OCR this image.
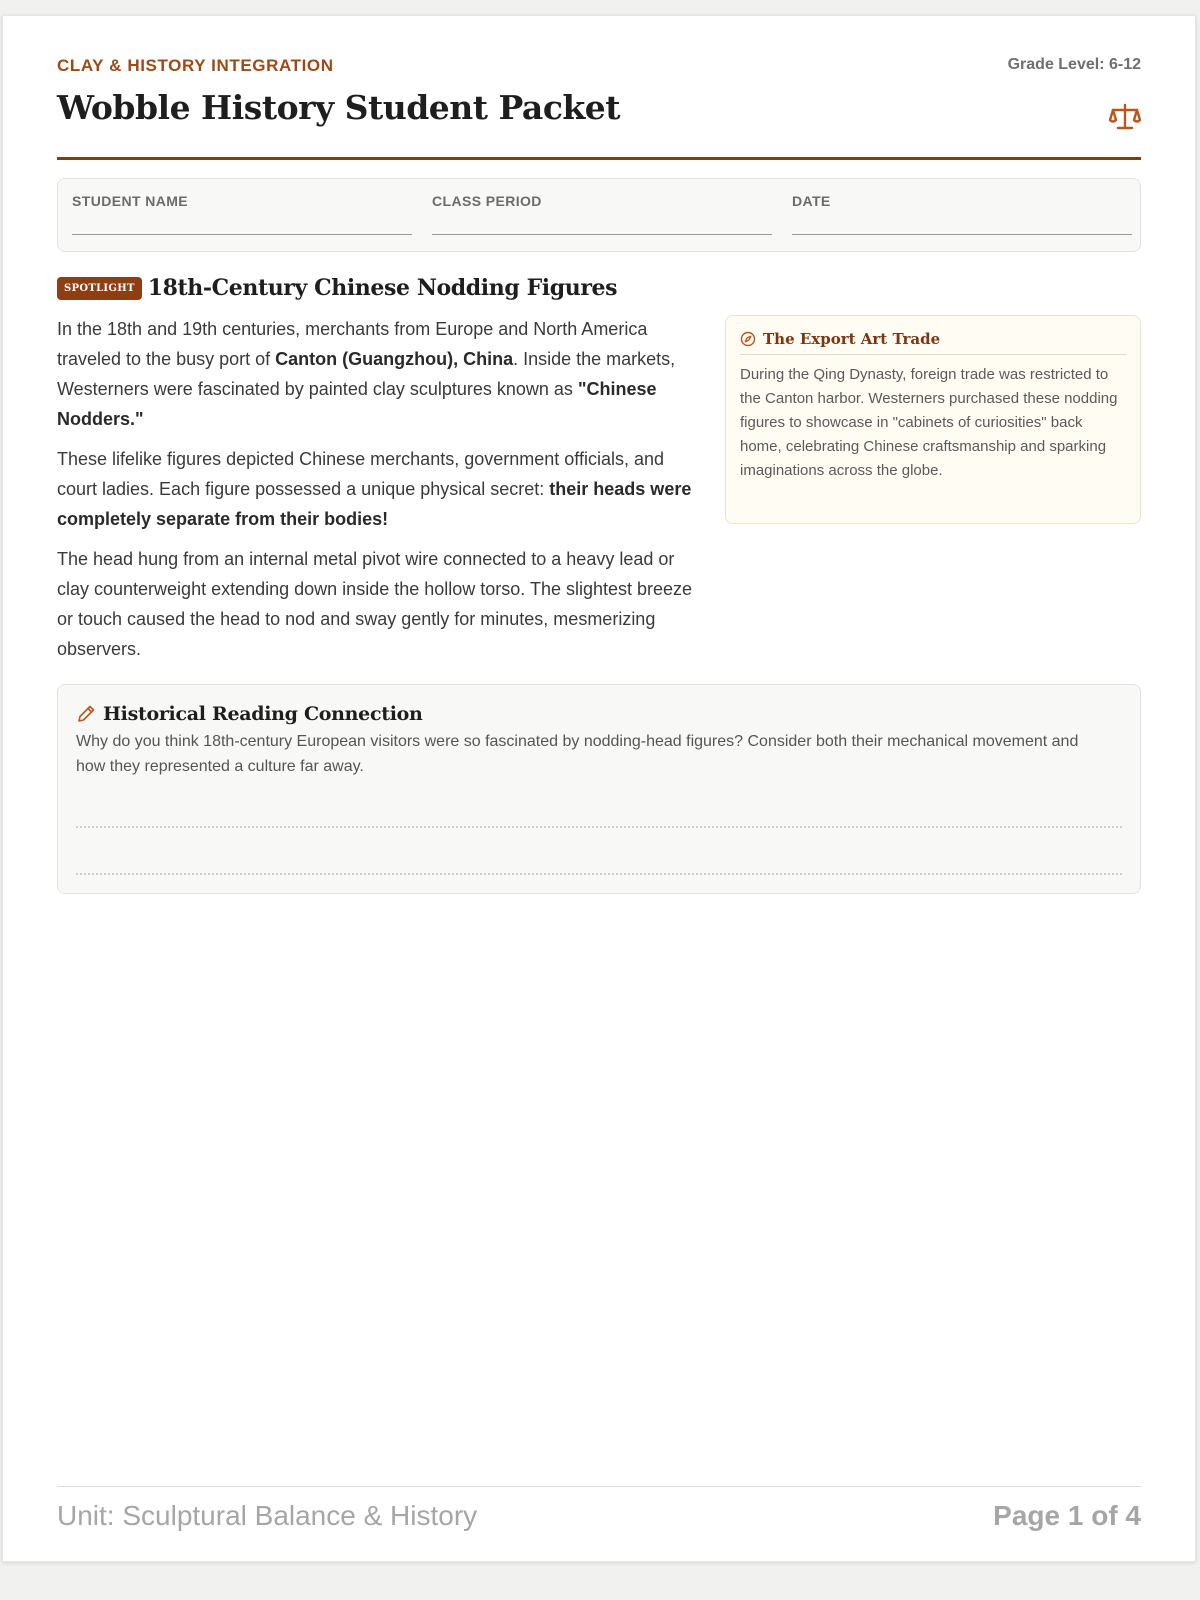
CLAY & HISTORY INTEGRATION	Grade Level: 6-12
Wobble History Student Packet
STUDENT NAME	CLASS PERIOD	DATE
SPOTLIGHT 18th-Century Chinese Nodding Figures

In the 18th and 19th centuries, merchants from Europe and North America traveled to the busy port of Canton (Guangzhou), China. Inside the markets, Westerners were fascinated by painted clay sculptures known as "Chinese Nodders."

These lifelike figures depicted Chinese merchants, government officials, and court ladies. Each figure possessed a unique physical secret: their heads were completely separate from their bodies!

The head hung from an internal metal pivot wire connected to a heavy lead or clay counterweight extending down inside the hollow torso. The slightest breeze or touch caused the head to nod and sway gently for minutes, mesmerizing observers.

The Export Art Trade
During the Qing Dynasty, foreign trade was restricted to the Canton harbor. Westerners purchased these nodding figures to showcase in "cabinets of curiosities" back home, celebrating Chinese craftsmanship and sparking imaginations across the globe.
Historical Reading Connection
Why do you think 18th-century European visitors were so fascinated by nodding-head figures? Consider both their mechanical movement and how they represented a culture far away.
Unit: Sculptural Balance & History	Page 1 of 4
